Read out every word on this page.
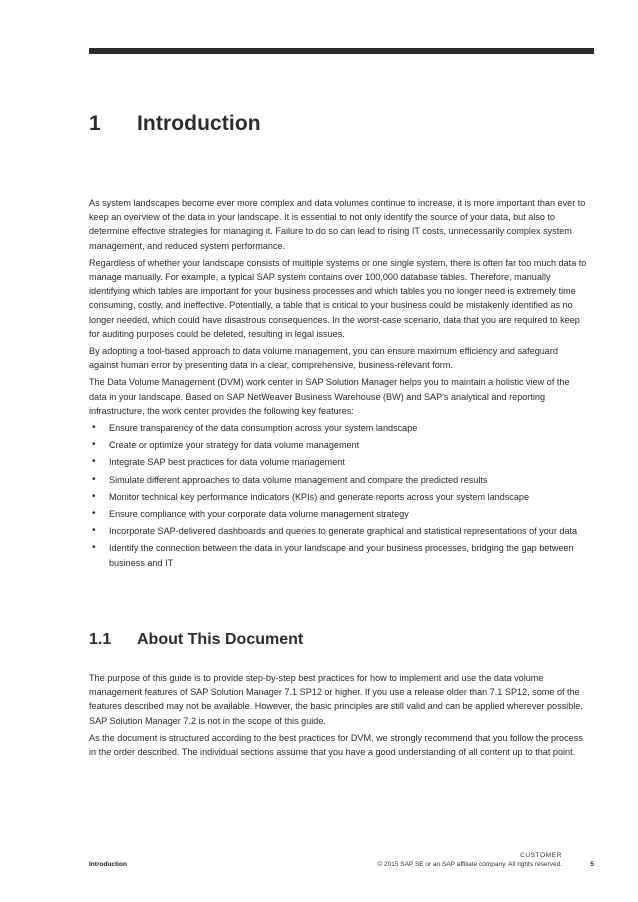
1 Introduction

As system landscapes become ever more complex and data volumes continue to increase, it is more important than ever to keep an overview of the data in your landscape. It is essential to not only identify the source of your data, but also to determine effective strategies for managing it. Failure to do so can lead to rising IT costs, unnecessarily complex system management, and reduced system performance.

Regardless of whether your landscape consists of multiple systems or one single system, there is often far too much data to manage manually. For example, a typical SAP system contains over 100,000 database tables. Therefore, manually identifying which tables are important for your business processes and which tables you no longer need is extremely time consuming, costly, and ineffective. Potentially, a table that is critical to your business could be mistakenly identified as no longer needed, which could have disastrous consequences. In the worst-case scenario, data that you are required to keep for auditing purposes could be deleted, resulting in legal issues.

By adopting a tool-based approach to data volume management, you can ensure maximum efficiency and safeguard against human error by presenting data in a clear, comprehensive, business-relevant form.

The Data Volume Management (DVM) work center in SAP Solution Manager helps you to maintain a holistic view of the data in your landscape. Based on SAP NetWeaver Business Warehouse (BW) and SAP's analytical and reporting infrastructure, the work center provides the following key features:

• Ensure transparency of the data consumption across your system landscape
• Create or optimize your strategy for data volume management
• Integrate SAP best practices for data volume management
• Simulate different approaches to data volume management and compare the predicted results
• Monitor technical key performance indicators (KPIs) and generate reports across your system landscape
• Ensure compliance with your corporate data volume management strategy
• Incorporate SAP-delivered dashboards and queries to generate graphical and statistical representations of your data
• Identify the connection between the data in your landscape and your business processes, bridging the gap between business and IT
1.1 About This Document

The purpose of this guide is to provide step-by-step best practices for how to implement and use the data volume management features of SAP Solution Manager 7.1 SP12 or higher. If you use a release older than 7.1 SP12, some of the features described may not be available. However, the basic principles are still valid and can be applied wherever possible. SAP Solution Manager 7.2 is not in the scope of this guide.

As the document is structured according to the best practices for DVM, we strongly recommend that you follow the process in the order described. The individual sections assume that you have a good understanding of all content up to that point.

CUSTOMER
Introduction	© 2015 SAP SE or an SAP affiliate company. All rights reserved.	5
